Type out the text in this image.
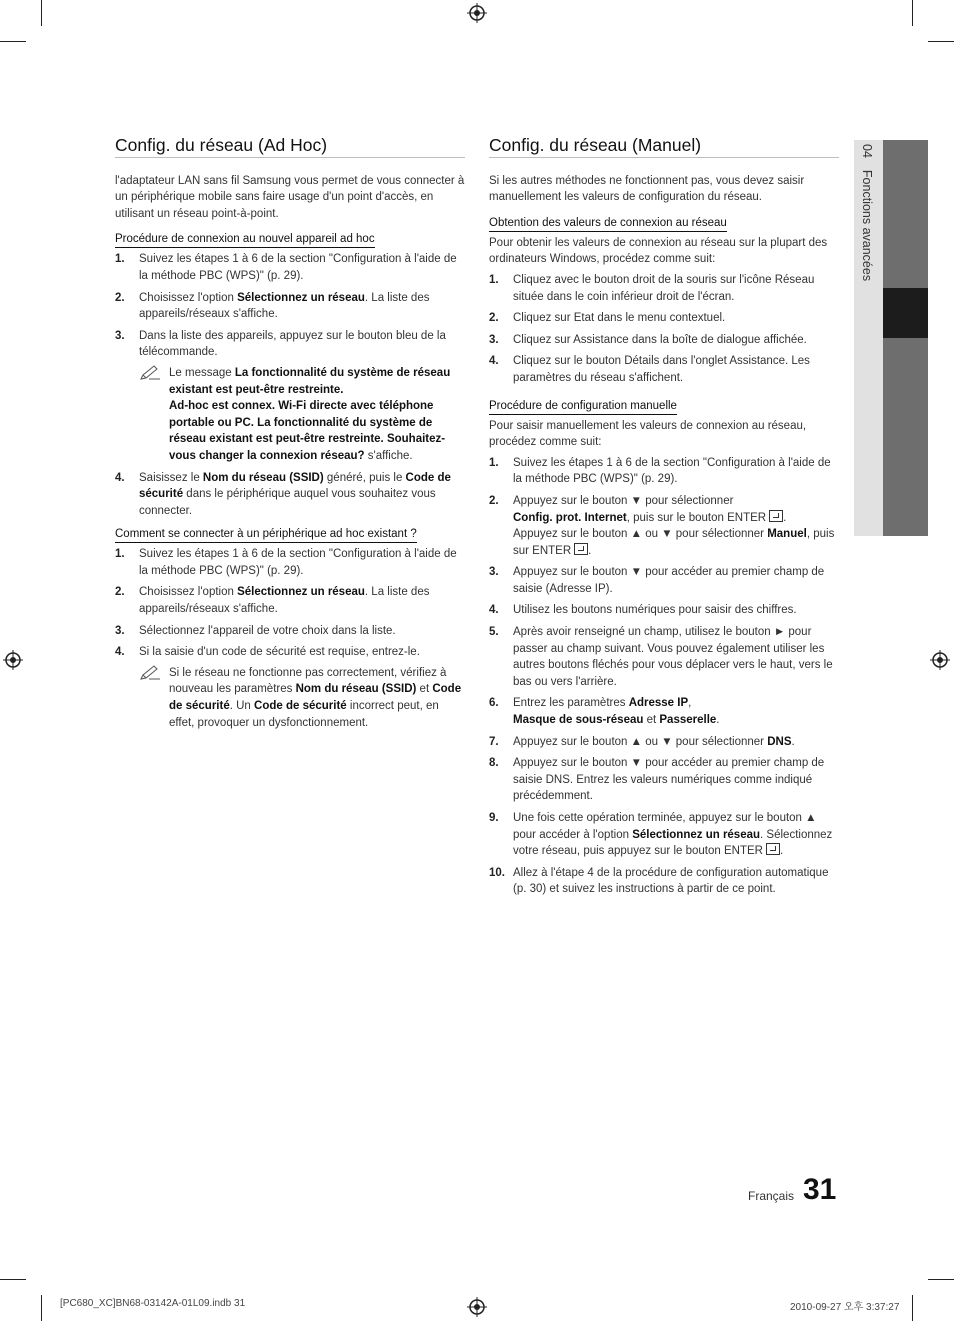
Config. du réseau (Ad Hoc)

l'adaptateur LAN sans fil Samsung vous permet de vous connecter à un périphérique mobile sans faire usage d'un point d'accès, en utilisant un réseau point-à-point.

Procédure de connexion au nouvel appareil ad hoc
1. Suivez les étapes 1 à 6 de la section "Configuration à l'aide de la méthode PBC (WPS)" (p. 29).
2. Choisissez l'option Sélectionnez un réseau. La liste des appareils/réseaux s'affiche.
3. Dans la liste des appareils, appuyez sur le bouton bleu de la télécommande.
Le message La fonctionnalité du système de réseau existant est peut-être restreinte.
Ad-hoc est connex. Wi-Fi directe avec téléphone portable ou PC. La fonctionnalité du système de réseau existant est peut-être restreinte. Souhaitez-vous changer la connexion réseau? s'affiche.
4. Saisissez le Nom du réseau (SSID) généré, puis le Code de sécurité dans le périphérique auquel vous souhaitez vous connecter.
Comment se connecter à un périphérique ad hoc existant ?
1. Suivez les étapes 1 à 6 de la section "Configuration à l'aide de la méthode PBC (WPS)" (p. 29).
2. Choisissez l'option Sélectionnez un réseau. La liste des appareils/réseaux s'affiche.
3. Sélectionnez l'appareil de votre choix dans la liste.
4. Si la saisie d'un code de sécurité est requise, entrez-le.
Si le réseau ne fonctionne pas correctement, vérifiez à nouveau les paramètres Nom du réseau (SSID) et Code de sécurité. Un Code de sécurité incorrect peut, en effet, provoquer un dysfonctionnement.
Config. du réseau (Manuel)

Si les autres méthodes ne fonctionnent pas, vous devez saisir manuellement les valeurs de configuration du réseau.

Obtention des valeurs de connexion au réseau

Pour obtenir les valeurs de connexion au réseau sur la plupart des ordinateurs Windows, procédez comme suit:

1. Cliquez avec le bouton droit de la souris sur l'icône Réseau située dans le coin inférieur droit de l'écran.
2. Cliquez sur Etat dans le menu contextuel.
3. Cliquez sur Assistance dans la boîte de dialogue affichée.
4. Cliquez sur le bouton Détails dans l'onglet Assistance. Les paramètres du réseau s'affichent.
Procédure de configuration manuelle

Pour saisir manuellement les valeurs de connexion au réseau, procédez comme suit:

1. Suivez les étapes 1 à 6 de la section "Configuration à l'aide de la méthode PBC (WPS)" (p. 29).
2. Appuyez sur le bouton ▼ pour sélectionner
Config. prot. Internet, puis sur le bouton ENTER .
Appuyez sur le bouton ▲ ou ▼ pour sélectionner Manuel, puis sur ENTER .
3. Appuyez sur le bouton ▼ pour accéder au premier champ de saisie (Adresse IP).
4. Utilisez les boutons numériques pour saisir des chiffres.
5. Après avoir renseigné un champ, utilisez le bouton ► pour passer au champ suivant. Vous pouvez également utiliser les autres boutons fléchés pour vous déplacer vers le haut, vers le bas ou vers l'arrière.
6. Entrez les paramètres Adresse IP,
Masque de sous-réseau et Passerelle.
7. Appuyez sur le bouton ▲ ou ▼ pour sélectionner DNS.
8. Appuyez sur le bouton ▼ pour accéder au premier champ de saisie DNS. Entrez les valeurs numériques comme indiqué précédemment.
9. Une fois cette opération terminée, appuyez sur le bouton ▲ pour accéder à l'option Sélectionnez un réseau. Sélectionnez votre réseau, puis appuyez sur le bouton ENTER .
10. Allez à l'étape 4 de la procédure de configuration automatique (p. 30) et suivez les instructions à partir de ce point.
04Fonctions avancées
Français 31
[PC680_XC]BN68-03142A-01L09.indb 31	2010-09-27 오후 3:37:27
